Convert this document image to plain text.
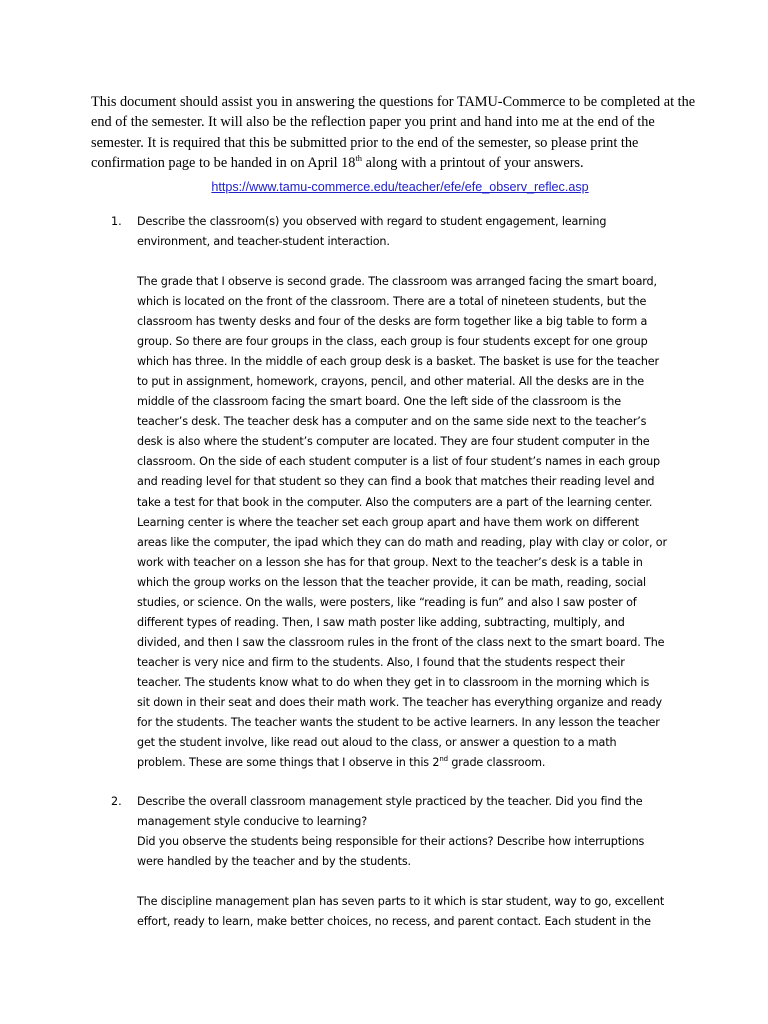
This document should assist you in answering the questions for TAMU-Commerce to be completed at the
end of the semester. It will also be the reflection paper you print and hand into me at the end of the
semester. It is required that this be submitted prior to the end of the semester, so please print the
confirmation page to be handed in on April 18th along with a printout of your answers.

https://www.tamu-commerce.edu/teacher/efe/efe_observ_reflec.asp
1. Describe the classroom(s) you observed with regard to student engagement, learning
environment, and teacher-student interaction.
The grade that I observe is second grade. The classroom was arranged facing the smart board,
which is located on the front of the classroom. There are a total of nineteen students, but the
classroom has twenty desks and four of the desks are form together like a big table to form a
group. So there are four groups in the class, each group is four students except for one group
which has three. In the middle of each group desk is a basket. The basket is use for the teacher
to put in assignment, homework, crayons, pencil, and other material. All the desks are in the
middle of the classroom facing the smart board. One the left side of the classroom is the
teacher’s desk. The teacher desk has a computer and on the same side next to the teacher’s
desk is also where the student’s computer are located. They are four student computer in the
classroom. On the side of each student computer is a list of four student’s names in each group
and reading level for that student so they can find a book that matches their reading level and
take a test for that book in the computer. Also the computers are a part of the learning center.
Learning center is where the teacher set each group apart and have them work on different
areas like the computer, the ipad which they can do math and reading, play with clay or color, or
work with teacher on a lesson she has for that group. Next to the teacher’s desk is a table in
which the group works on the lesson that the teacher provide, it can be math, reading, social
studies, or science. On the walls, were posters, like “reading is fun” and also I saw poster of
different types of reading. Then, I saw math poster like adding, subtracting, multiply, and
divided, and then I saw the classroom rules in the front of the class next to the smart board. The
teacher is very nice and firm to the students. Also, I found that the students respect their
teacher. The students know what to do when they get in to classroom in the morning which is
sit down in their seat and does their math work. The teacher has everything organize and ready
for the students. The teacher wants the student to be active learners. In any lesson the teacher
get the student involve, like read out aloud to the class, or answer a question to a math
problem. These are some things that I observe in this 2nd grade classroom.
2. Describe the overall classroom management style practiced by the teacher. Did you find the
management style conducive to learning?
Did you observe the students being responsible for their actions? Describe how interruptions
were handled by the teacher and by the students.
The discipline management plan has seven parts to it which is star student, way to go, excellent
effort, ready to learn, make better choices, no recess, and parent contact. Each student in the
